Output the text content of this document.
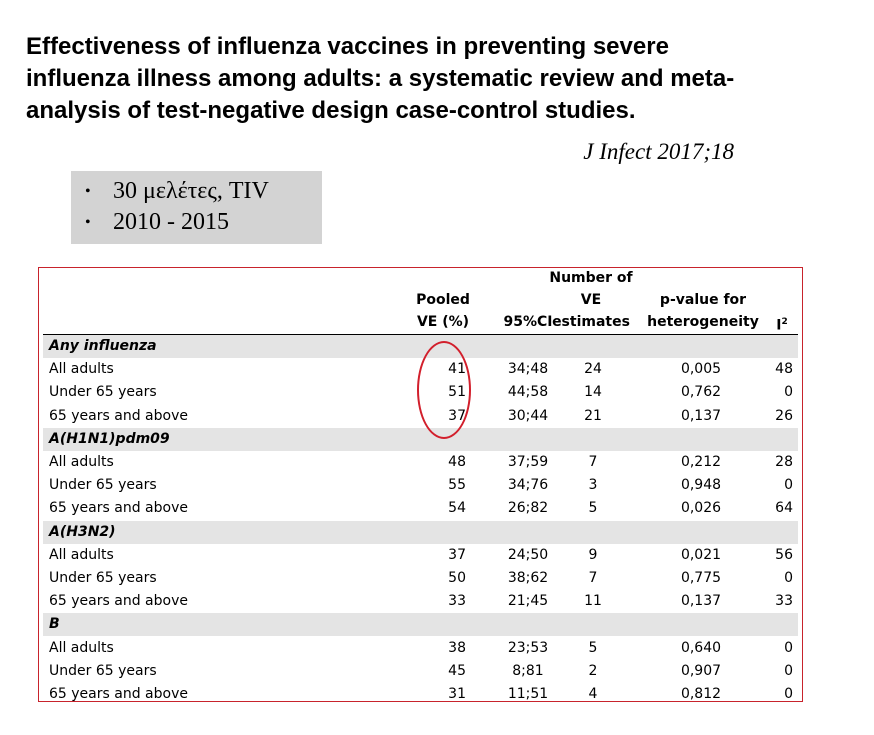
Effectiveness of influenza vaccines in preventing severe
influenza illness among adults: a systematic review and meta-
analysis of test-negative design case-control studies.
J Infect 2017;18
• 30 μελέτες, TIV
• 2010 - 2015
Pooled
VE (%)	95%CI
Number of
VE
estimates
p-value for
heterogeneity	$I^2$
Any influenza
All adults	41	34;48	24	0,005	48
Under 65 years	51	44;58	14	0,762	0
65 years and above	37	30;44	21	0,137	26
A(H1N1)pdm09
All adults	48	37;59	7	0,212	28
Under 65 years	55	34;76	3	0,948	0
65 years and above	54	26;82	5	0,026	64
A(H3N2)
All adults	37	24;50	9	0,021	56
Under 65 years	50	38;62	7	0,775	0
65 years and above	33	21;45	11	0,137	33
B
All adults	38	23;53	5	0,640	0
Under 65 years	45	8;81	2	0,907	0
65 years and above	31	11;51	4	0,812	0
